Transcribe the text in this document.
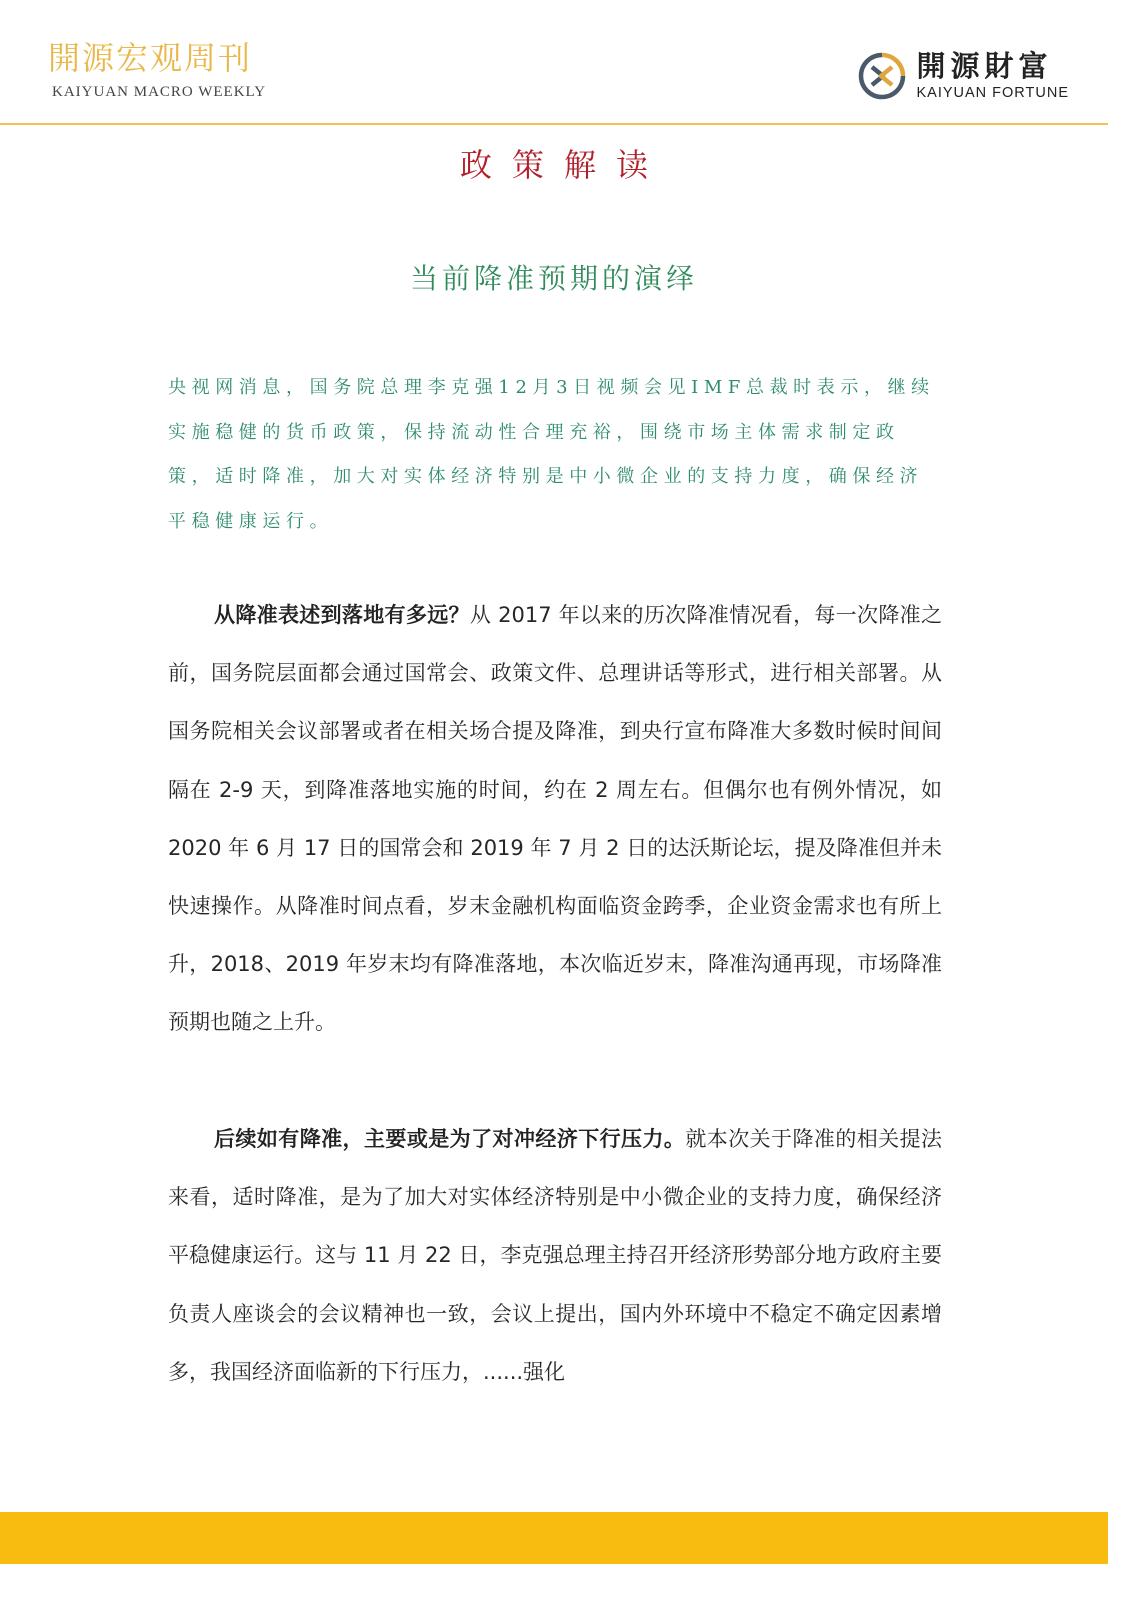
開源宏观周刊
KAIYUAN MACRO WEEKLY
開源財富
KAIYUAN FORTUNE
政策解读
当前降准预期的演绎
央视网消息，国务院总理李克强12月3日视频会见IMF总裁时表示，继续实施稳健的货币政策，保持流动性合理充裕，围绕市场主体需求制定政策，适时降准，加大对实体经济特别是中小微企业的支持力度，确保经济平稳健康运行。
从降准表述到落地有多远？从 2017 年以来的历次降准情况看，每一次降准之前，国务院层面都会通过国常会、政策文件、总理讲话等形式，进行相关部署。从国务院相关会议部署或者在相关场合提及降准，到央行宣布降准大多数时候时间间隔在 2-9 天，到降准落地实施的时间，约在 2 周左右。但偶尔也有例外情况，如 2020 年 6 月 17 日的国常会和 2019 年 7 月 2 日的达沃斯论坛，提及降准但并未快速操作。从降准时间点看，岁末金融机构面临资金跨季，企业资金需求也有所上升，2018、2019 年岁末均有降准落地，本次临近岁末，降准沟通再现，市场降准预期也随之上升。
后续如有降准，主要或是为了对冲经济下行压力。就本次关于降准的相关提法来看，适时降准，是为了加大对实体经济特别是中小微企业的支持力度，确保经济平稳健康运行。这与 11 月 22 日，李克强总理主持召开经济形势部分地方政府主要负责人座谈会的会议精神也一致，会议上提出，国内外环境中不稳定不确定因素增多，我国经济面临新的下行压力，......强化
